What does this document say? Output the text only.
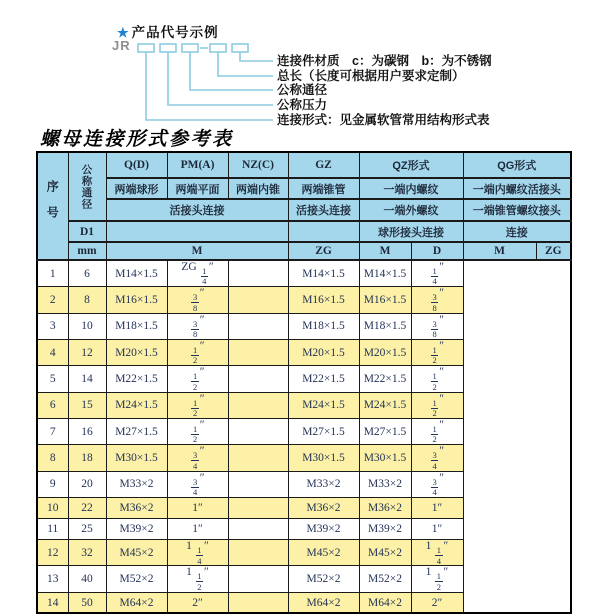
★ 产品代号示例
JR
连接件材质　c：为碳钢　b：为不锈钢
总长（长度可根据用户要求定制）
公称通径
公称压力
连接形式：见金属软管常用结构形式表
螺母连接形式参考表
序号	公称通径	Q(D)	PM(A)	NZ(C)	GZ	QZ形式		QG形式	
		两端球形	两端平面	两端内锥	两端锥管	一端内螺纹		一端内螺纹活接头	
		活接头连接			活接头连接	一端外螺纹		一端锥管螺纹接头	
	D1					球形接头连接		连接	
	mm	M			ZG	M	D	M	ZG
1	6	M14×1.5	ZG $\frac{1}{4}$ ″		M14×1.5	M14×1.5	$\frac{1}{4}$ ″		
2	8	M16×1.5	$\frac{3}{8}$ ″		M16×1.5	M16×1.5	$\frac{3}{8}$ ″		
3	10	M18×1.5	$\frac{3}{8}$ ″		M18×1.5	M18×1.5	$\frac{3}{8}$ ″		
4	12	M20×1.5	$\frac{1}{2}$ ″		M20×1.5	M20×1.5	$\frac{1}{2}$ ″		
5	14	M22×1.5	$\frac{1}{2}$ ″		M22×1.5	M22×1.5	$\frac{1}{2}$ ″		
6	15	M24×1.5	$\frac{1}{2}$ ″		M24×1.5	M24×1.5	$\frac{1}{2}$ ″		
7	16	M27×1.5	$\frac{1}{2}$ ″		M27×1.5	M27×1.5	$\frac{1}{2}$ ″		
8	18	M30×1.5	$\frac{3}{4}$ ″		M30×1.5	M30×1.5	$\frac{3}{4}$ ″		
9	20	M33×2	$\frac{3}{4}$ ″		M33×2	M33×2	$\frac{3}{4}$ ″		
10	22	M36×2	1″		M36×2	M36×2	1″		
11	25	M39×2	1″		M39×2	M39×2	1″		
12	32	M45×2	$1 \frac{1}{4}$ ″		M45×2	M45×2	$1 \frac{1}{4}$ ″		
13	40	M52×2	$1 \frac{1}{2}$ ″		M52×2	M52×2	$1 \frac{1}{2}$ ″		
14	50	M64×2	2″		M64×2	M64×2	2″		
